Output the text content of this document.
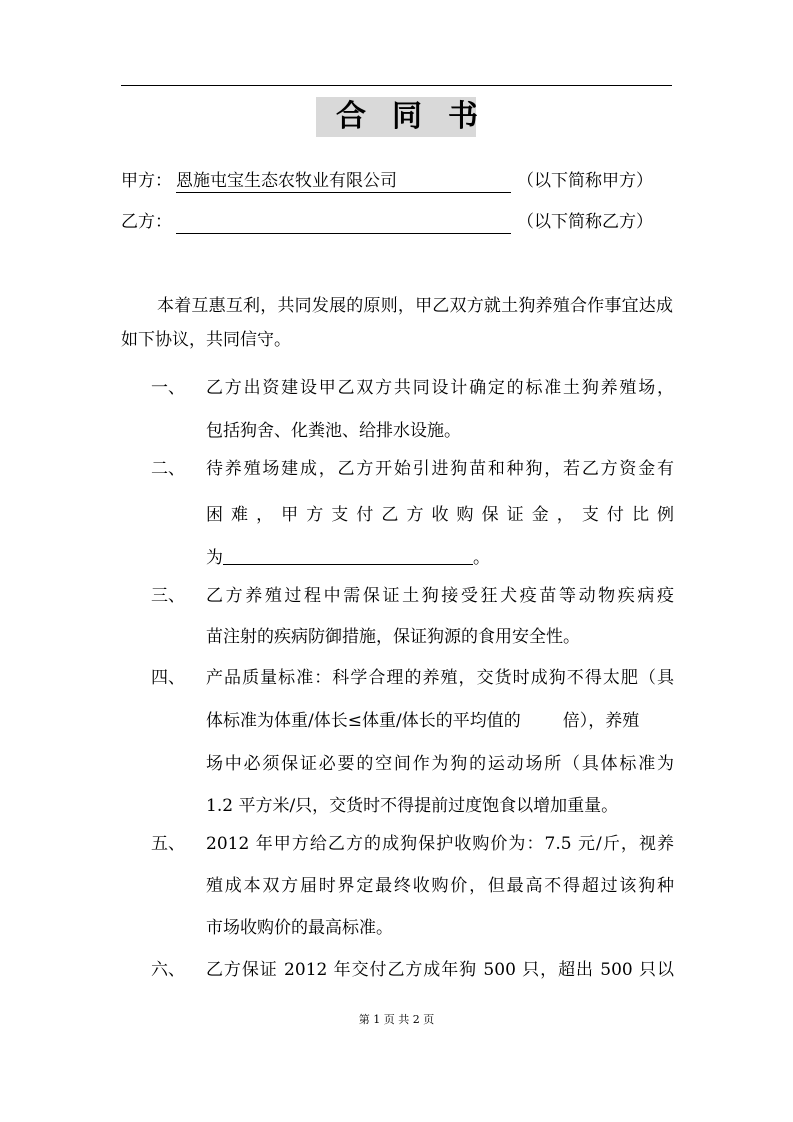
合同书
甲方： 恩施屯宝生态农牧业有限公司	（以下简称甲方）
乙方：	（以下简称乙方）
本着互惠互利，共同发展的原则，甲乙双方就土狗养殖合作事宜达成如下协议，共同信守。
一、	乙方出资建设甲乙双方共同设计确定的标准土狗养殖场，
包括狗舍、化粪池、给排水设施。
二、	待养殖场建成，乙方开始引进狗苗和种狗，若乙方资金有
困难，甲方支付乙方收购保证金，支付比例
为	。
三、	乙方养殖过程中需保证土狗接受狂犬疫苗等动物疾病疫
苗注射的疾病防御措施，保证狗源的食用安全性。
四、	产品质量标准：科学合理的养殖，交货时成狗不得太肥（具
体标准为体重/体长≤体重/体长的平均值的 倍），养殖
场中必须保证必要的空间作为狗的运动场所（具体标准为
1.2 平方米/只，交货时不得提前过度饱食以增加重量。
五、	2012 年甲方给乙方的成狗保护收购价为：7.5 元/斤，视养
殖成本双方届时界定最终收购价，但最高不得超过该狗种
市场收购价的最高标准。
六、	乙方保证 2012 年交付乙方成年狗 500 只，超出 500 只以
第 1 页 共 2 页
